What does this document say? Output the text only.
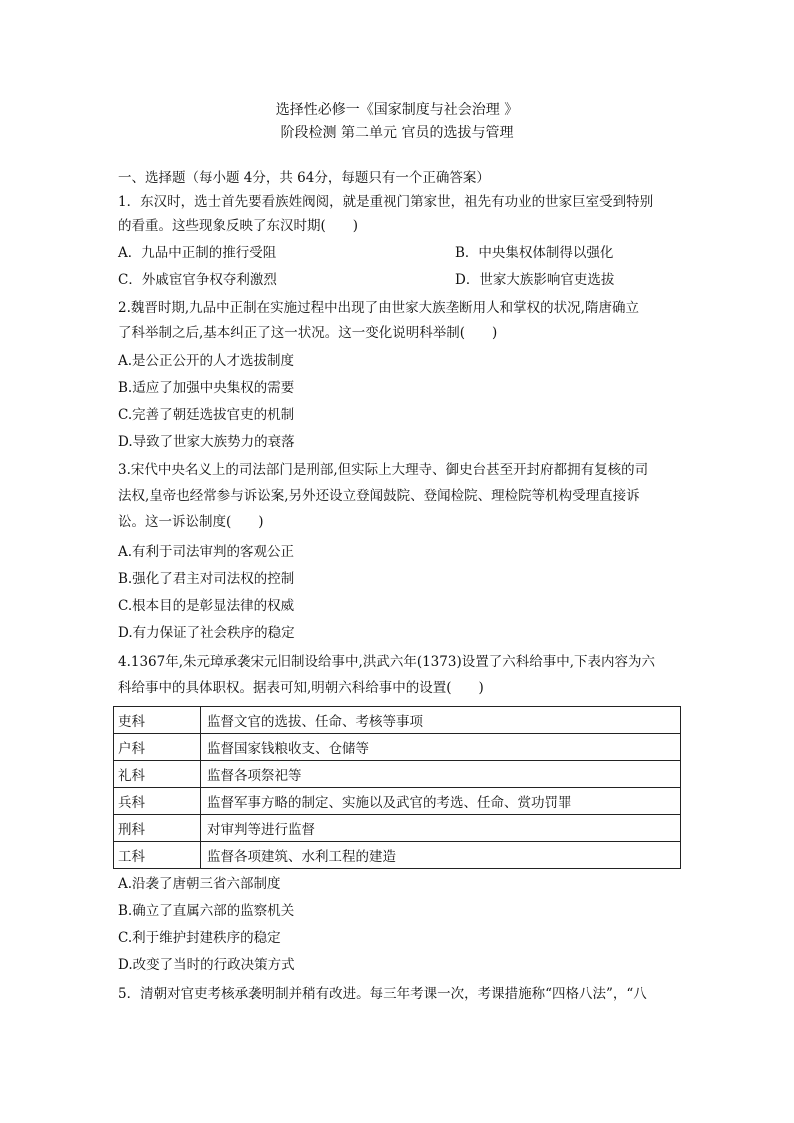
选择性必修一《国家制度与社会治理 》
阶段检测 第二单元 官员的选拔与管理
一、选择题（每小题 4分，共 64分，每题只有一个正确答案）
1．东汉时，选士首先要看族姓阀阅，就是重视门第家世，祖先有功业的世家巨室受到特别
的看重。这些现象反映了东汉时期(　　)
A．九品中正制的推行受阻	B．中央集权体制得以强化
C．外戚宦官争权夺利激烈	D．世家大族影响官吏选拔
2.魏晋时期,九品中正制在实施过程中出现了由世家大族垄断用人和掌权的状况,隋唐确立
了科举制之后,基本纠正了这一状况。这一变化说明科举制(　　)
A.是公正公开的人才选拔制度
B.适应了加强中央集权的需要
C.完善了朝廷选拔官吏的机制
D.导致了世家大族势力的衰落
3.宋代中央名义上的司法部门是刑部,但实际上大理寺、御史台甚至开封府都拥有复核的司
法权,皇帝也经常参与诉讼案,另外还设立登闻鼓院、登闻检院、理检院等机构受理直接诉
讼。这一诉讼制度(　　)
A.有利于司法审判的客观公正
B.强化了君主对司法权的控制
C.根本目的是彰显法律的权威
D.有力保证了社会秩序的稳定
4.1367年,朱元璋承袭宋元旧制设给事中,洪武六年(1373)设置了六科给事中,下表内容为六
科给事中的具体职权。据表可知,明朝六科给事中的设置(　　)
吏科	监督文官的选拔、任命、考核等事项
户科	监督国家钱粮收支、仓储等
礼科	监督各项祭祀等
兵科	监督军事方略的制定、实施以及武官的考选、任命、赏功罚罪
刑科	对审判等进行监督
工科	监督各项建筑、水利工程的建造
A.沿袭了唐朝三省六部制度
B.确立了直属六部的监察机关
C.利于维护封建秩序的稳定
D.改变了当时的行政决策方式
5．清朝对官吏考核承袭明制并稍有改进。每三年考课一次，考课措施称“四格八法”，“八
